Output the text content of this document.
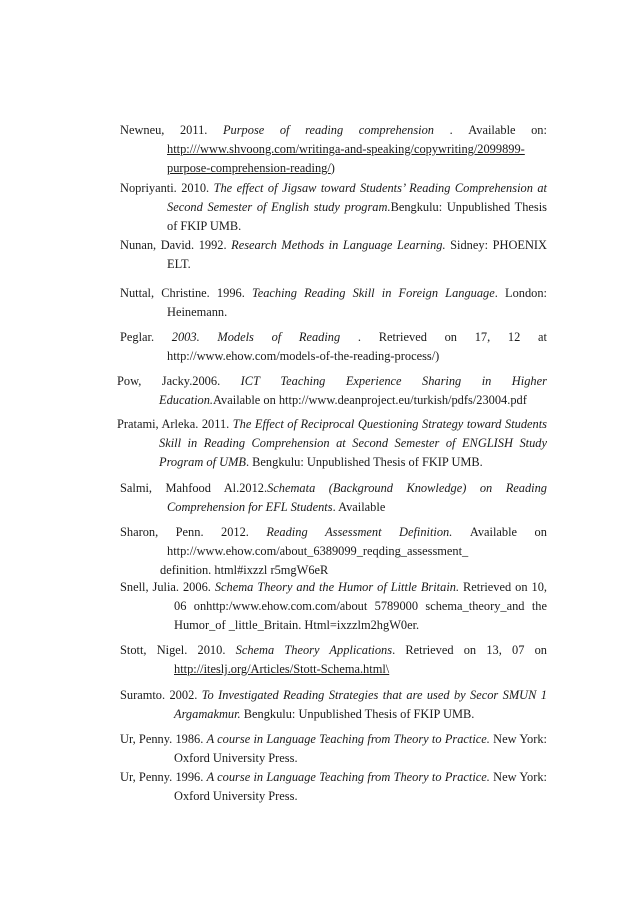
Newneu, 2011. Purpose of reading comprehension . Available on:
http:///www.shvoong.com/writinga-and-speaking/copywriting/2099899-
purpose-comprehension-reading/)
Nopriyanti. 2010. The effect of Jigsaw toward Students’ Reading Comprehension at Second Semester of English study program.Bengkulu: Unpublished Thesis of FKIP UMB.
Nunan, David. 1992. Research Methods in Language Learning. Sidney: PHOENIX ELT.
Nuttal, Christine. 1996. Teaching Reading Skill in Foreign Language. London: Heinemann.
Peglar. 2003. Models of Reading . Retrieved on 17, 12 at
http://www.ehow.com/models-of-the-reading-process/)
Pow, Jacky.2006. ICT Teaching Experience Sharing in Higher
Education.Available on http://www.deanproject.eu/turkish/pdfs/23004.pdf
Pratami, Arleka. 2011. The Effect of Reciprocal Questioning Strategy toward Students Skill in Reading Comprehension at Second Semester of ENGLISH Study Program of UMB. Bengkulu: Unpublished Thesis of FKIP UMB.
Salmi, Mahfood Al.2012.Schemata (Background Knowledge) on Reading Comprehension for EFL Students. Available
Sharon, Penn. 2012. Reading Assessment Definition. Available on
http://www.ehow.com/about_6389099_reqding_assessment_
definition. html#ixzzl r5mgW6eR
Snell, Julia. 2006. Schema Theory and the Humor of Little Britain. Retrieved on 10, 06 onhttp:/www.ehow.com.com/about 5789000 schema_theory_and the Humor_of _little_Britain. Html=ixzzlm2hgW0er.
Stott, Nigel. 2010. Schema Theory Applications. Retrieved on 13, 07 on
http://iteslj.org/Articles/Stott-Schema.html\
Suramto. 2002. To Investigated Reading Strategies that are used by Secor SMUN 1 Argamakmur. Bengkulu: Unpublished Thesis of FKIP UMB.
Ur, Penny. 1986. A course in Language Teaching from Theory to Practice. New York: Oxford University Press.
Ur, Penny. 1996. A course in Language Teaching from Theory to Practice. New York: Oxford University Press.
